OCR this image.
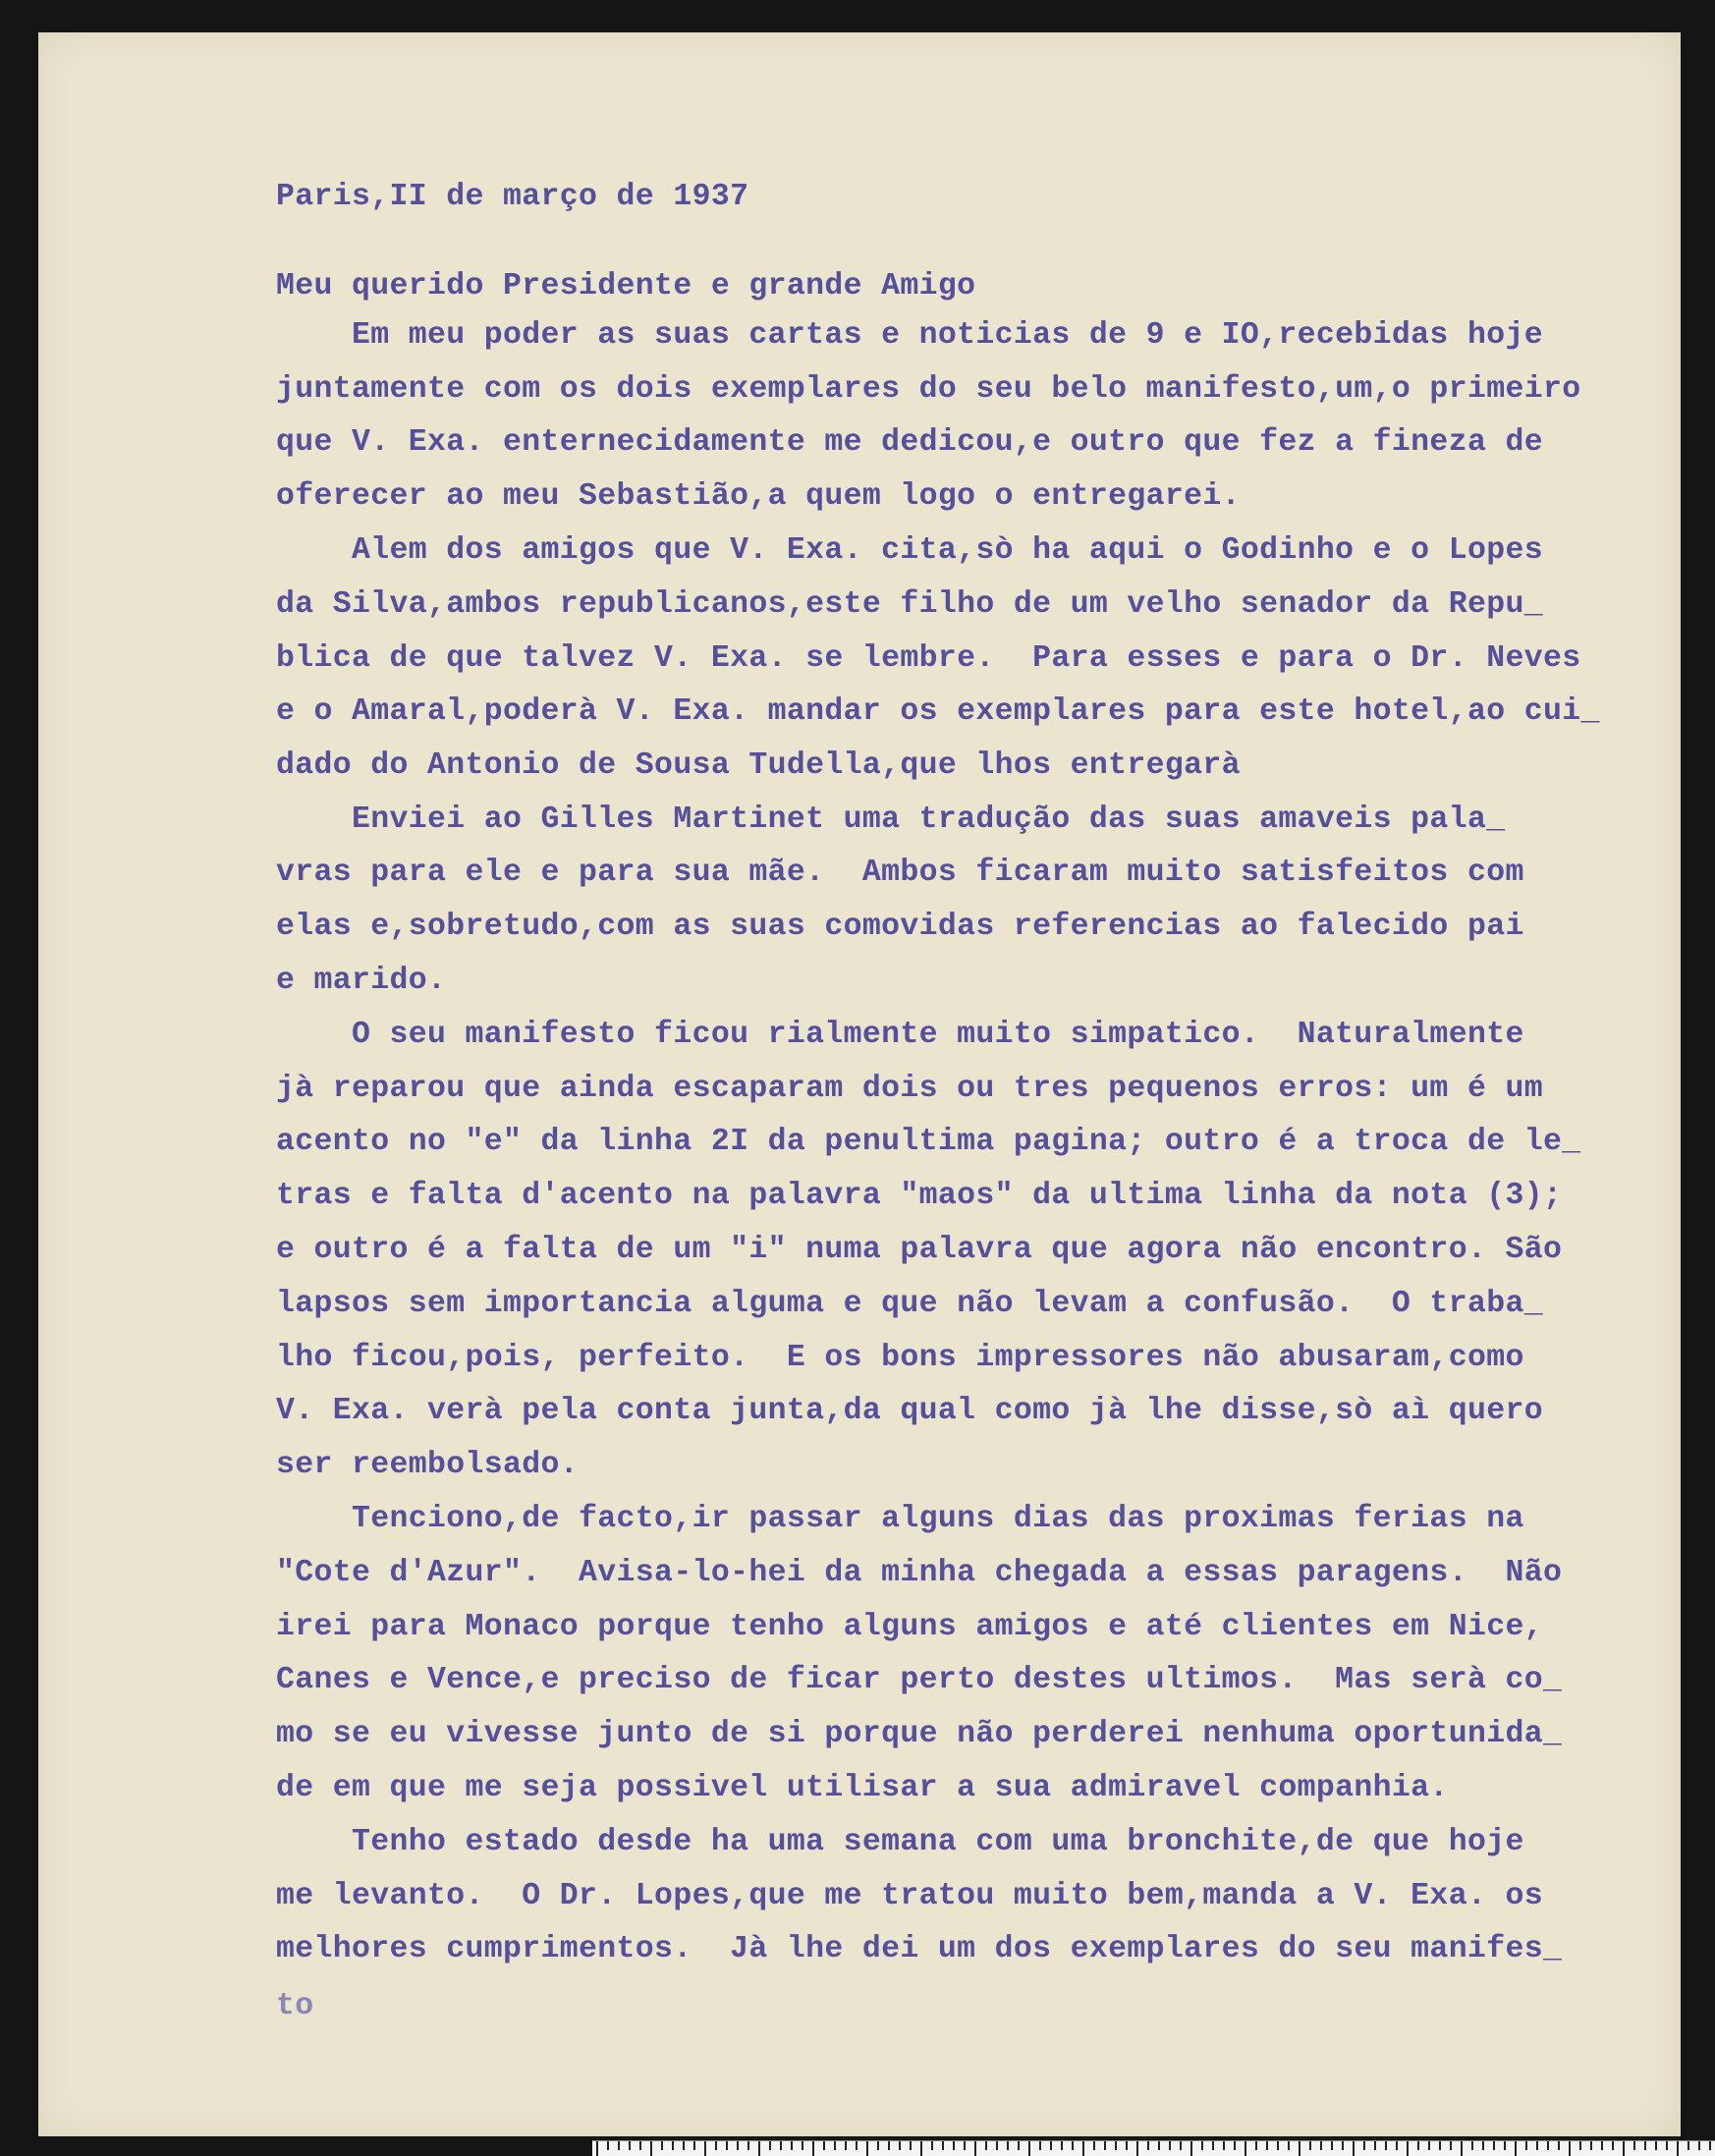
Paris,II de março de 1937
Meu querido Presidente e grande Amigo
Em meu poder as suas cartas e noticias de 9 e IO,recebidas hoje
juntamente com os dois exemplares do seu belo manifesto,um,o primeiro
que V. Exa. enternecidamente me dedicou,e outro que fez a fineza de
oferecer ao meu Sebastião,a quem logo o entregarei.
Alem dos amigos que V. Exa. cita,sò ha aqui o Godinho e o Lopes
da Silva,ambos republicanos,este filho de um velho senador da Repu_
blica de que talvez V. Exa. se lembre.  Para esses e para o Dr. Neves
e o Amaral,poderà V. Exa. mandar os exemplares para este hotel,ao cui_
dado do Antonio de Sousa Tudella,que lhos entregarà
Enviei ao Gilles Martinet uma tradução das suas amaveis pala_
vras para ele e para sua mãe.  Ambos ficaram muito satisfeitos com
elas e,sobretudo,com as suas comovidas referencias ao falecido pai
e marido.
O seu manifesto ficou rialmente muito simpatico.  Naturalmente
jà reparou que ainda escaparam dois ou tres pequenos erros: um é um
acento no "e" da linha 2I da penultima pagina; outro é a troca de le_
tras e falta d'acento na palavra "maos" da ultima linha da nota (3);
e outro é a falta de um "i" numa palavra que agora não encontro. São
lapsos sem importancia alguma e que não levam a confusão.  O traba_
lho ficou,pois, perfeito.  E os bons impressores não abusaram,como
V. Exa. verà pela conta junta,da qual como jà lhe disse,sò aì quero
ser reembolsado.
Tenciono,de facto,ir passar alguns dias das proximas ferias na
"Cote d'Azur".  Avisa-lo-hei da minha chegada a essas paragens.  Não
irei para Monaco porque tenho alguns amigos e até clientes em Nice,
Canes e Vence,e preciso de ficar perto destes ultimos.  Mas serà co_
mo se eu vivesse junto de si porque não perderei nenhuma oportunida_
de em que me seja possivel utilisar a sua admiravel companhia.
Tenho estado desde ha uma semana com uma bronchite,de que hoje
me levanto.  O Dr. Lopes,que me tratou muito bem,manda a V. Exa. os
melhores cumprimentos.  Jà lhe dei um dos exemplares do seu manifes_
to
